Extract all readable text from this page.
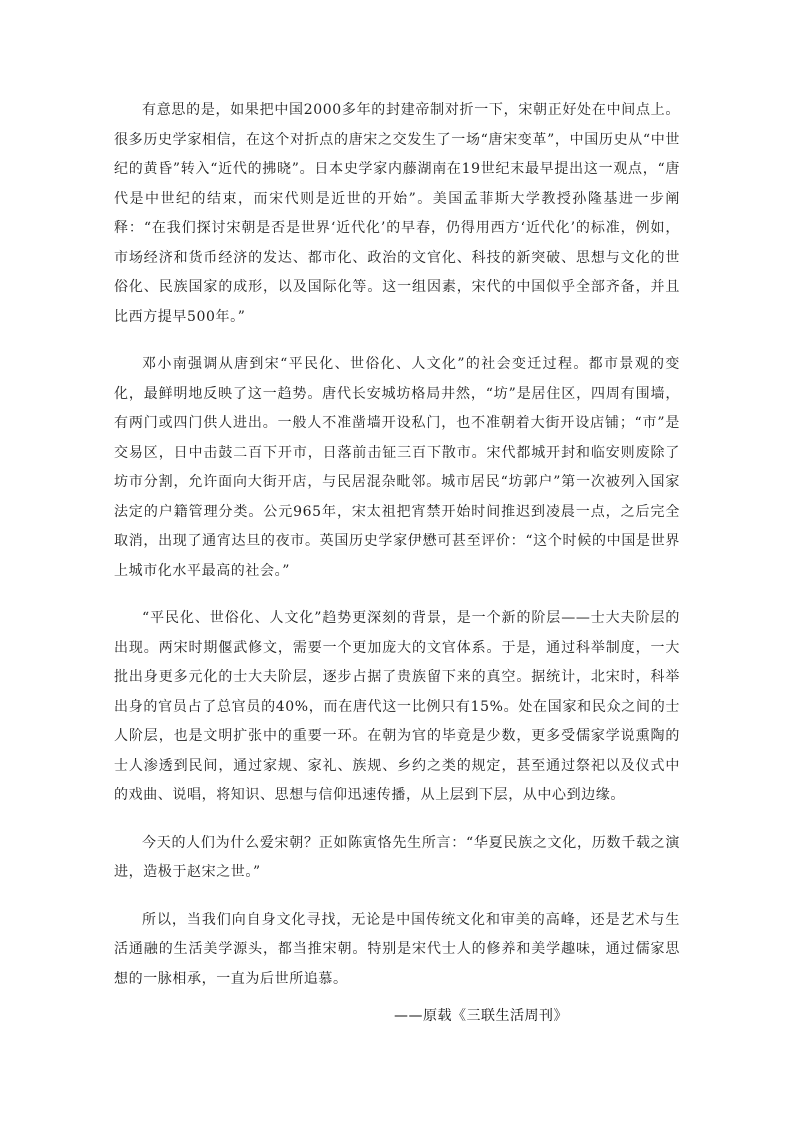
有意思的是，如果把中国2000多年的封建帝制对折一下，宋朝正好处在中间点上。很多历史学家相信，在这个对折点的唐宋之交发生了一场“唐宋变革”，中国历史从“中世纪的黄昏”转入“近代的拂晓”。日本史学家内藤湖南在19世纪末最早提出这一观点，“唐代是中世纪的结束，而宋代则是近世的开始”。美国孟菲斯大学教授孙隆基进一步阐释：“在我们探讨宋朝是否是世界‘近代化’的早春，仍得用西方‘近代化’的标准，例如，市场经济和货币经济的发达、都市化、政治的文官化、科技的新突破、思想与文化的世俗化、民族国家的成形，以及国际化等。这一组因素，宋代的中国似乎全部齐备，并且比西方提早500年。”

邓小南强调从唐到宋“平民化、世俗化、人文化”的社会变迁过程。都市景观的变化，最鲜明地反映了这一趋势。唐代长安城坊格局井然，“坊”是居住区，四周有围墙，有两门或四门供人进出。一般人不准凿墙开设私门，也不准朝着大街开设店铺；“市”是交易区，日中击鼓二百下开市，日落前击钲三百下散市。宋代都城开封和临安则废除了坊市分割，允许面向大街开店，与民居混杂毗邻。城市居民“坊郭户”第一次被列入国家法定的户籍管理分类。公元965年，宋太祖把宵禁开始时间推迟到凌晨一点，之后完全取消，出现了通宵达旦的夜市。英国历史学家伊懋可甚至评价：“这个时候的中国是世界上城市化水平最高的社会。”

“平民化、世俗化、人文化”趋势更深刻的背景，是一个新的阶层——士大夫阶层的出现。两宋时期偃武修文，需要一个更加庞大的文官体系。于是，通过科举制度，一大批出身更多元化的士大夫阶层，逐步占据了贵族留下来的真空。据统计，北宋时，科举出身的官员占了总官员的40%，而在唐代这一比例只有15%。处在国家和民众之间的士人阶层，也是文明扩张中的重要一环。在朝为官的毕竟是少数，更多受儒家学说熏陶的士人渗透到民间，通过家规、家礼、族规、乡约之类的规定，甚至通过祭祀以及仪式中的戏曲、说唱，将知识、思想与信仰迅速传播，从上层到下层，从中心到边缘。

今天的人们为什么爱宋朝？正如陈寅恪先生所言：“华夏民族之文化，历数千载之演进，造极于赵宋之世。”

所以，当我们向自身文化寻找，无论是中国传统文化和审美的高峰，还是艺术与生活通融的生活美学源头，都当推宋朝。特别是宋代士人的修养和美学趣味，通过儒家思想的一脉相承，一直为后世所追慕。

——原载《三联生活周刊》
